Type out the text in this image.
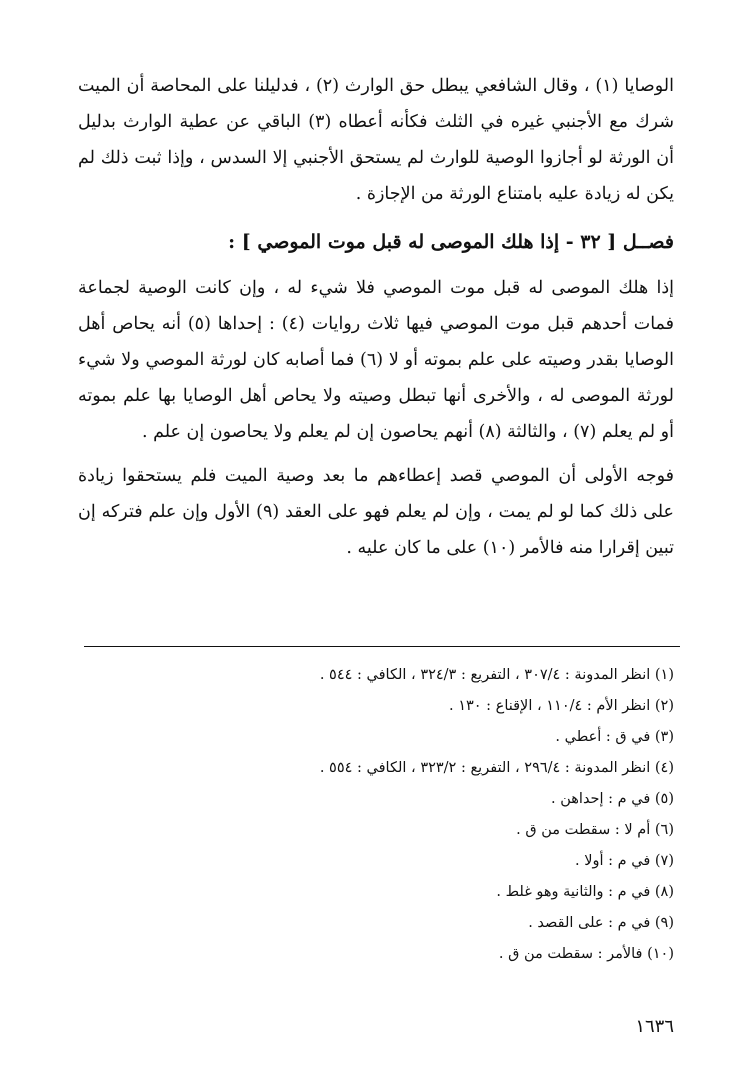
الوصايا (١) ، وقال الشافعي يبطل حق الوارث (٢) ، فدليلنا على المحاصة أن الميت شرك مع الأجنبي غيره في الثلث فكأنه أعطاه (٣) الباقي عن عطية الوارث بدليل أن الورثة لو أجازوا الوصية للوارث لم يستحق الأجنبي إلا السدس ، وإذا ثبت ذلك لم يكن له زيادة عليه بامتناع الورثة من الإجازة .

فصــل [ ٣٢ - إذا هلك الموصى له قبل موت الموصي ] :

إذا هلك الموصى له قبل موت الموصي فلا شيء له ، وإن كانت الوصية لجماعة فمات أحدهم قبل موت الموصي فيها ثلاث روايات (٤) : إحداها (٥) أنه يحاص أهل الوصايا بقدر وصيته على علم بموته أو لا (٦) فما أصابه كان لورثة الموصي ولا شيء لورثة الموصى له ، والأخرى أنها تبطل وصيته ولا يحاص أهل الوصايا بها علم بموته أو لم يعلم (٧) ، والثالثة (٨) أنهم يحاصون إن لم يعلم ولا يحاصون إن علم .

فوجه الأولى أن الموصي قصد إعطاءهم ما بعد وصية الميت فلم يستحقوا زيادة على ذلك كما لو لم يمت ، وإن لم يعلم فهو على العقد (٩) الأول وإن علم فتركه إن تبين إقرارا منه فالأمر (١٠) على ما كان عليه .

(١) انظر المدونة : ٣٠٧/٤ ، التفريع : ٣٢٤/٣ ، الكافي : ٥٤٤ .
(٢) انظر الأم : ١١٠/٤ ، الإقناع : ١٣٠ .
(٣) في ق : أعطي .
(٤) انظر المدونة : ٢٩٦/٤ ، التفريع : ٣٢٣/٢ ، الكافي : ٥٥٤ .
(٥) في م : إحداهن .
(٦) أم لا : سقطت من ق .
(٧) في م : أولا .
(٨) في م : والثانية وهو غلط .
(٩) في م : على القصد .
(١٠) فالأمر : سقطت من ق .
١٦٣٦
